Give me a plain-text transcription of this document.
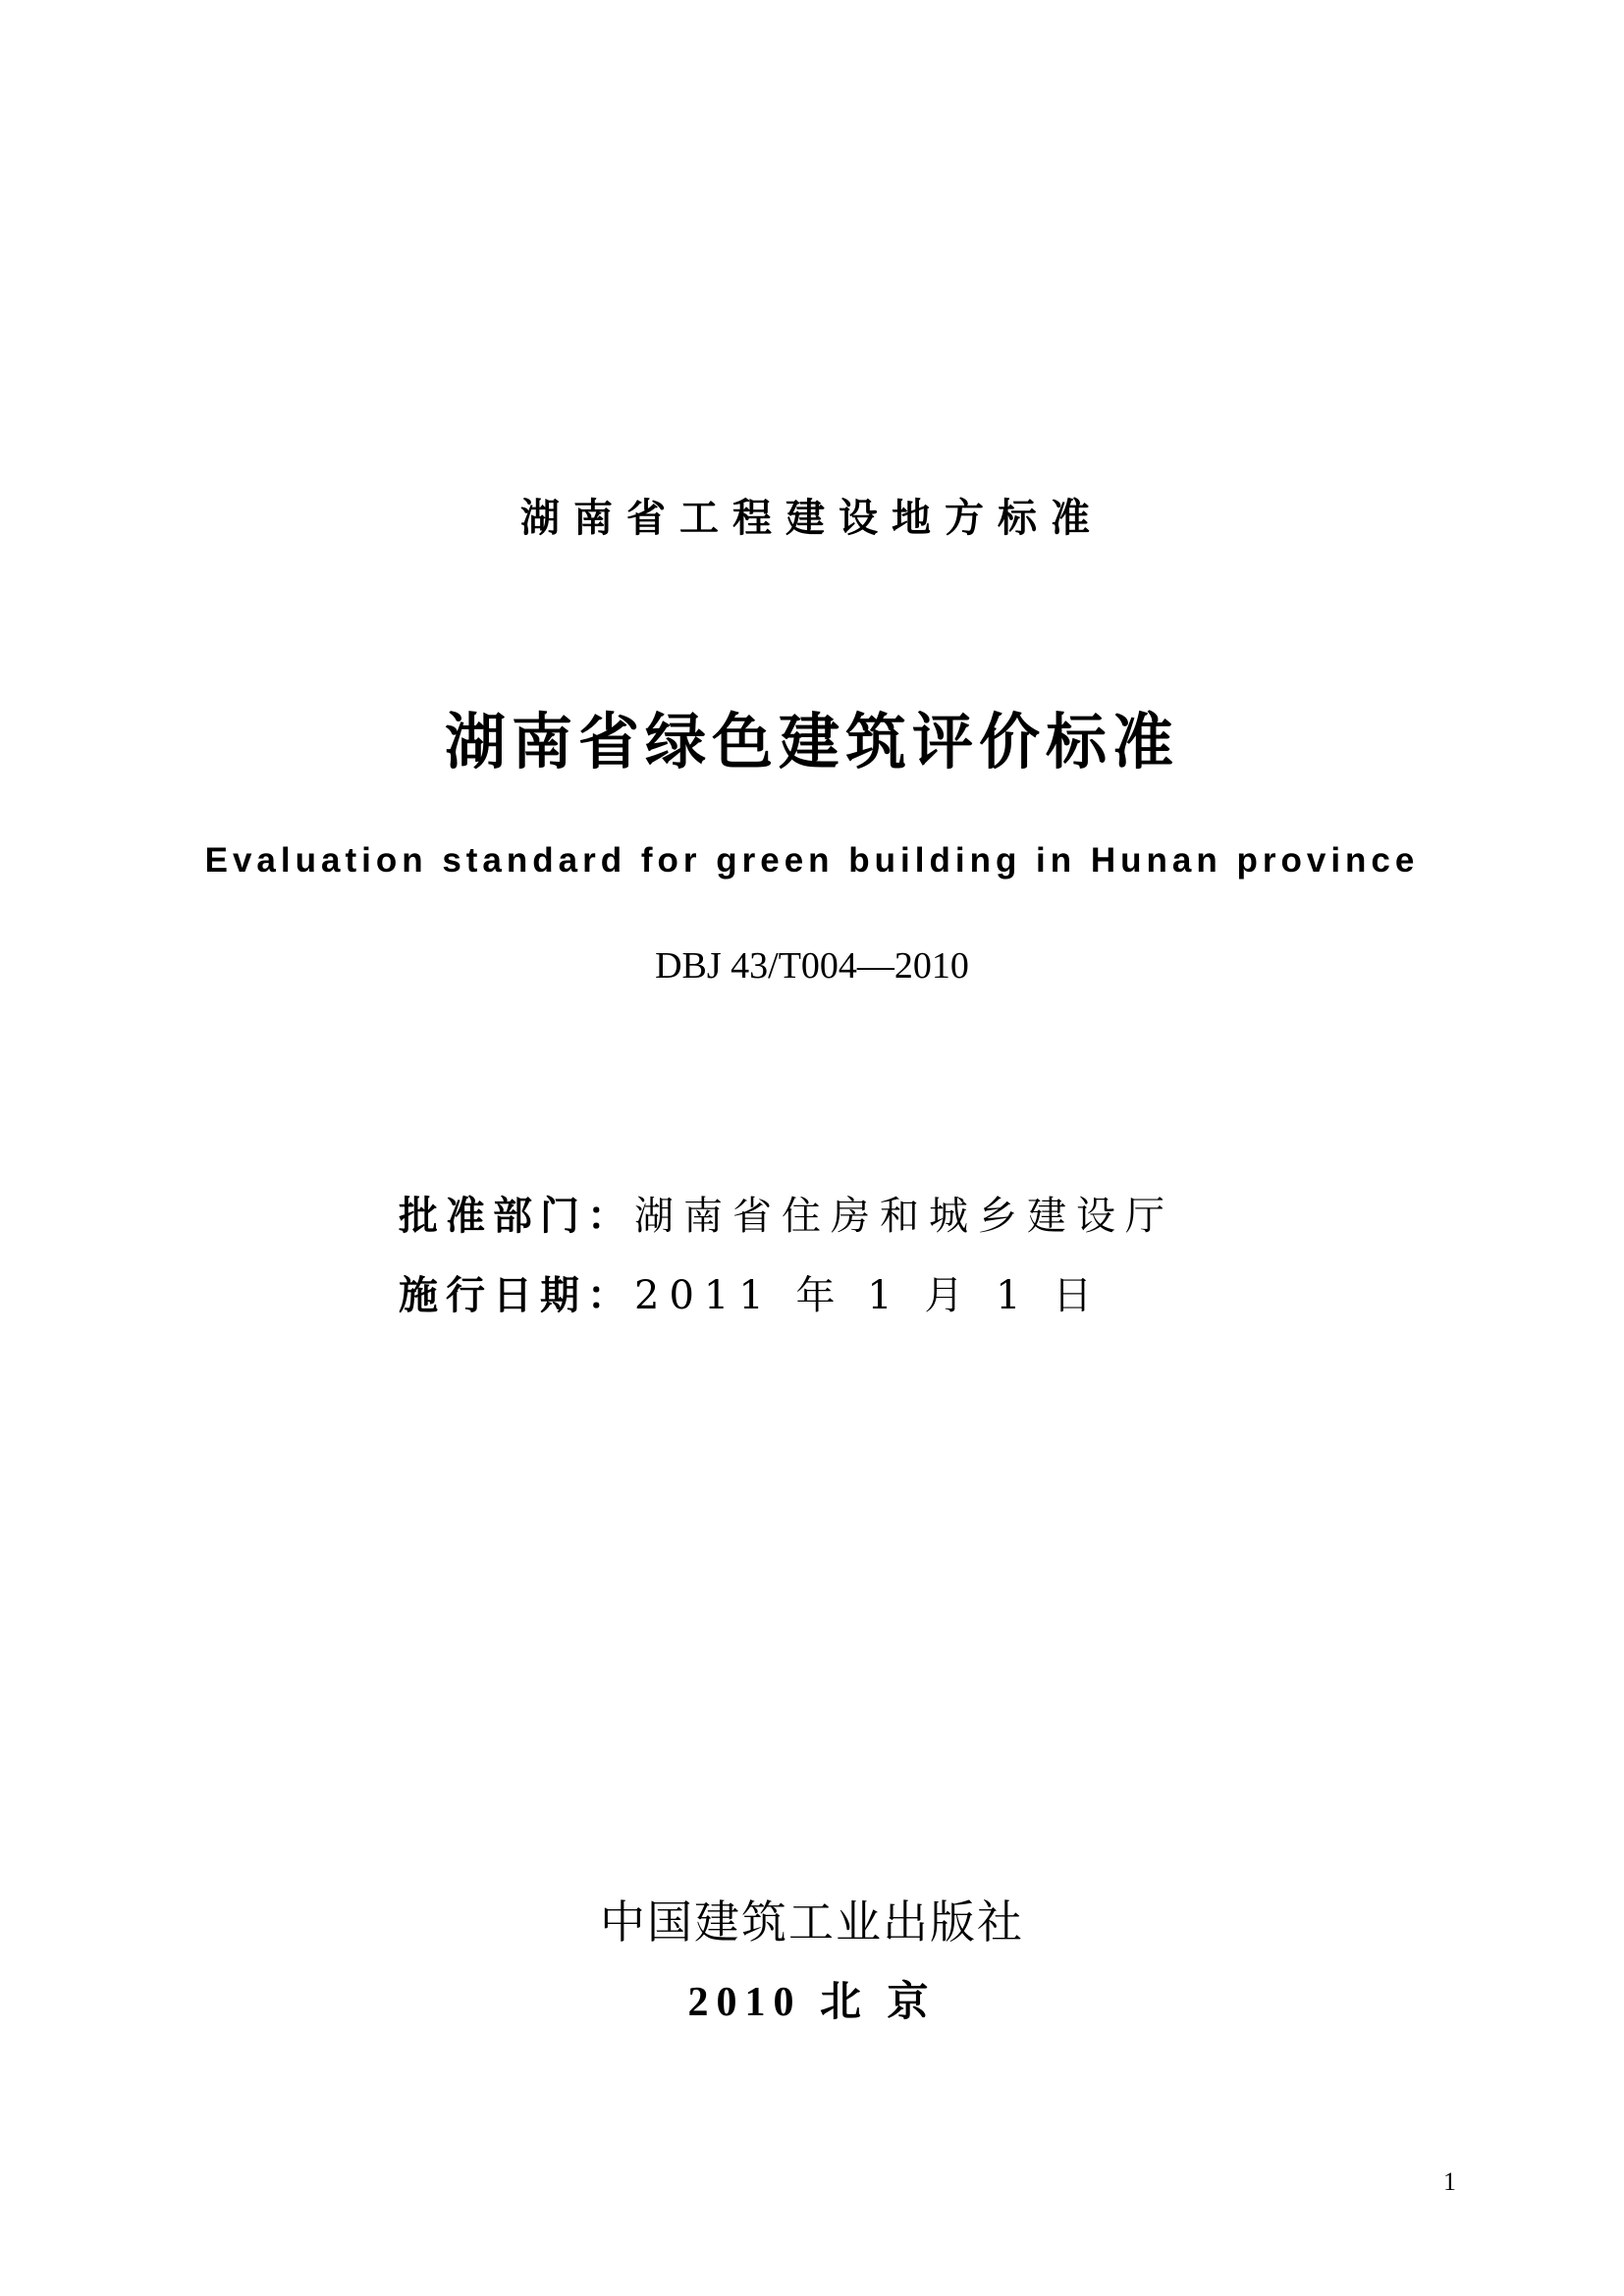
湖南省工程建设地方标准
湖南省绿色建筑评价标准
Evaluation standard for green building in Hunan province
DBJ 43/T004—2010
批准部门：湖南省住房和城乡建设厅
施行日期：2011 年 1 月 1 日
中国建筑工业出版社
2010 北 京
1
